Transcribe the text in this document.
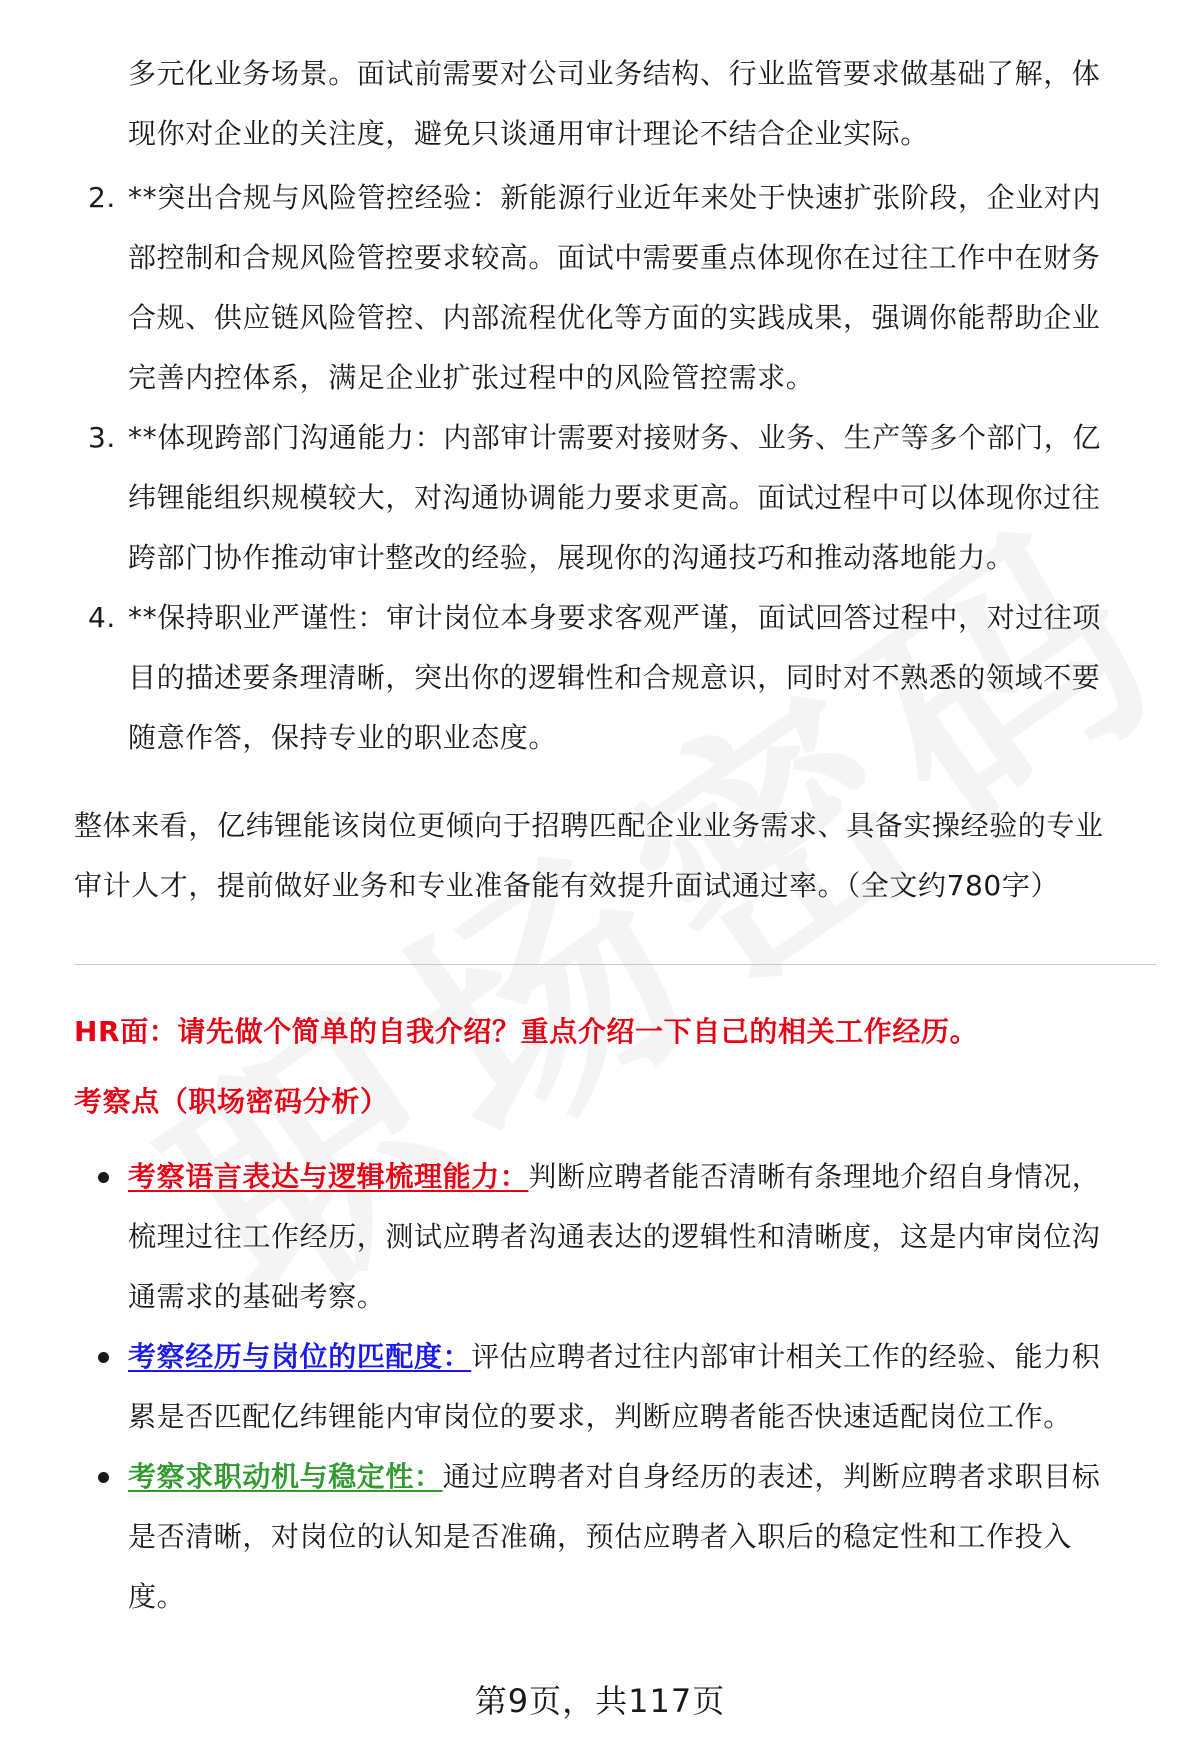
多元化业务场景。面试前需要对公司业务结构、行业监管要求做基础了解，体
现你对企业的关注度，避免只谈通用审计理论不结合企业实际。
2. **突出合规与风险管控经验：新能源行业近年来处于快速扩张阶段，企业对内
部控制和合规风险管控要求较高。面试中需要重点体现你在过往工作中在财务
合规、供应链风险管控、内部流程优化等方面的实践成果，强调你能帮助企业
完善内控体系，满足企业扩张过程中的风险管控需求。
3. **体现跨部门沟通能力：内部审计需要对接财务、业务、生产等多个部门，亿
纬锂能组织规模较大，对沟通协调能力要求更高。面试过程中可以体现你过往
跨部门协作推动审计整改的经验，展现你的沟通技巧和推动落地能力。
4. **保持职业严谨性：审计岗位本身要求客观严谨，面试回答过程中，对过往项
目的描述要条理清晰，突出你的逻辑性和合规意识，同时对不熟悉的领域不要
随意作答，保持专业的职业态度。
整体来看，亿纬锂能该岗位更倾向于招聘匹配企业业务需求、具备实操经验的专业
审计人才，提前做好业务和专业准备能有效提升面试通过率。（全文约780字）
HR面：请先做个简单的自我介绍？重点介绍一下自己的相关工作经历。
考察点（职场密码分析）
考察语言表达与逻辑梳理能力：判断应聘者能否清晰有条理地介绍自身情况，
梳理过往工作经历，测试应聘者沟通表达的逻辑性和清晰度，这是内审岗位沟
通需求的基础考察。
考察经历与岗位的匹配度：评估应聘者过往内部审计相关工作的经验、能力积
累是否匹配亿纬锂能内审岗位的要求，判断应聘者能否快速适配岗位工作。
考察求职动机与稳定性：通过应聘者对自身经历的表述，判断应聘者求职目标
是否清晰，对岗位的认知是否准确，预估应聘者入职后的稳定性和工作投入
度。
第9页，共117页
